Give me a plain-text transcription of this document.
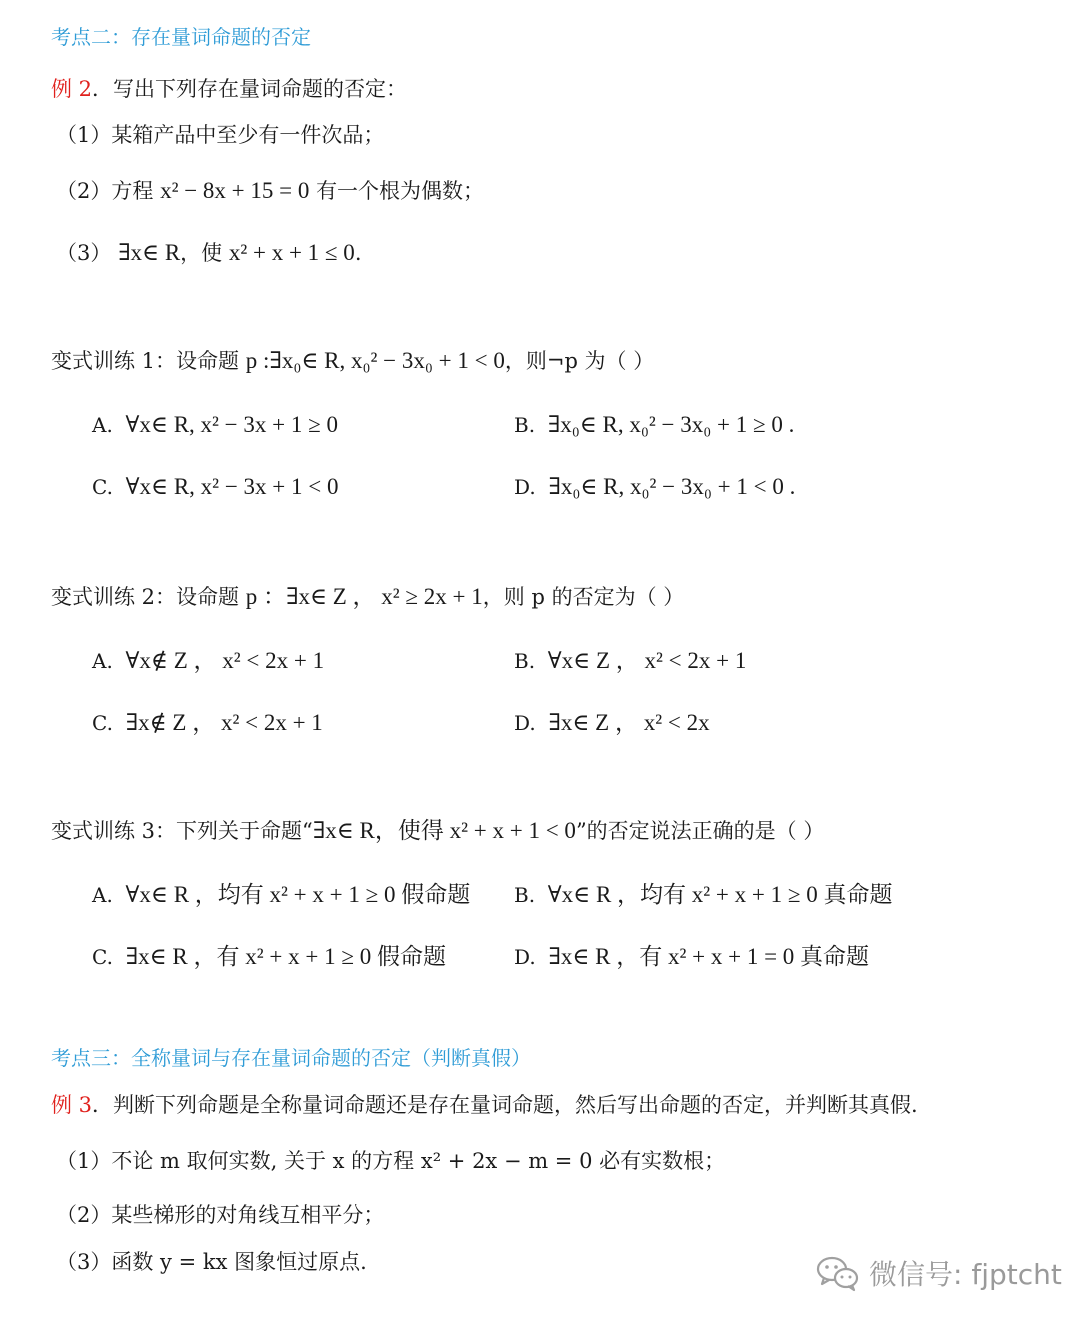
考点二：存在量词命题的否定
例 2．写出下列存在量词命题的否定：
（1）某箱产品中至少有一件次品；
（2）方程 x² − 8x + 15 = 0 有一个根为偶数；
（3） ∃x∈ R，使 x² + x + 1 ≤ 0.
变式训练 1：设命题 p :∃x₀∈ R, x₀² − 3x₀ + 1 < 0，则¬p 为（ ）
A. ∀x∈ R, x² − 3x + 1 ≥ 0	B. ∃x₀∈ R, x₀² − 3x₀ + 1 ≥ 0 .
C. ∀x∈ R, x² − 3x + 1 < 0	D. ∃x₀∈ R, x₀² − 3x₀ + 1 < 0 .
变式训练 2：设命题 p ：∃x∈ Z ， x² ≥ 2x + 1，则 p 的否定为（ ）
A. ∀x∉ Z ， x² < 2x + 1	B. ∀x∈ Z ， x² < 2x + 1
C. ∃x∉ Z ， x² < 2x + 1	D. ∃x∈ Z ， x² < 2x
变式训练 3：下列关于命题“∃x∈ R，使得 x² + x + 1 < 0”的否定说法正确的是（ ）
A. ∀x∈ R ，均有 x² + x + 1 ≥ 0 假命题 B. ∀x∈ R ，均有 x² + x + 1 ≥ 0 真命题
C. ∃x∈ R ，有 x² + x + 1 ≥ 0 假命题	D. ∃x∈ R ，有 x² + x + 1 = 0 真命题
考点三：全称量词与存在量词命题的否定（判断真假）
例 3．判断下列命题是全称量词命题还是存在量词命题，然后写出命题的否定，并判断其真假.
（1）不论 m 取何实数, 关于 x 的方程 x² + 2x − m = 0 必有实数根；
（2）某些梯形的对角线互相平分；
（3）函数 y = kx 图象恒过原点.	微信号: fjptcht
